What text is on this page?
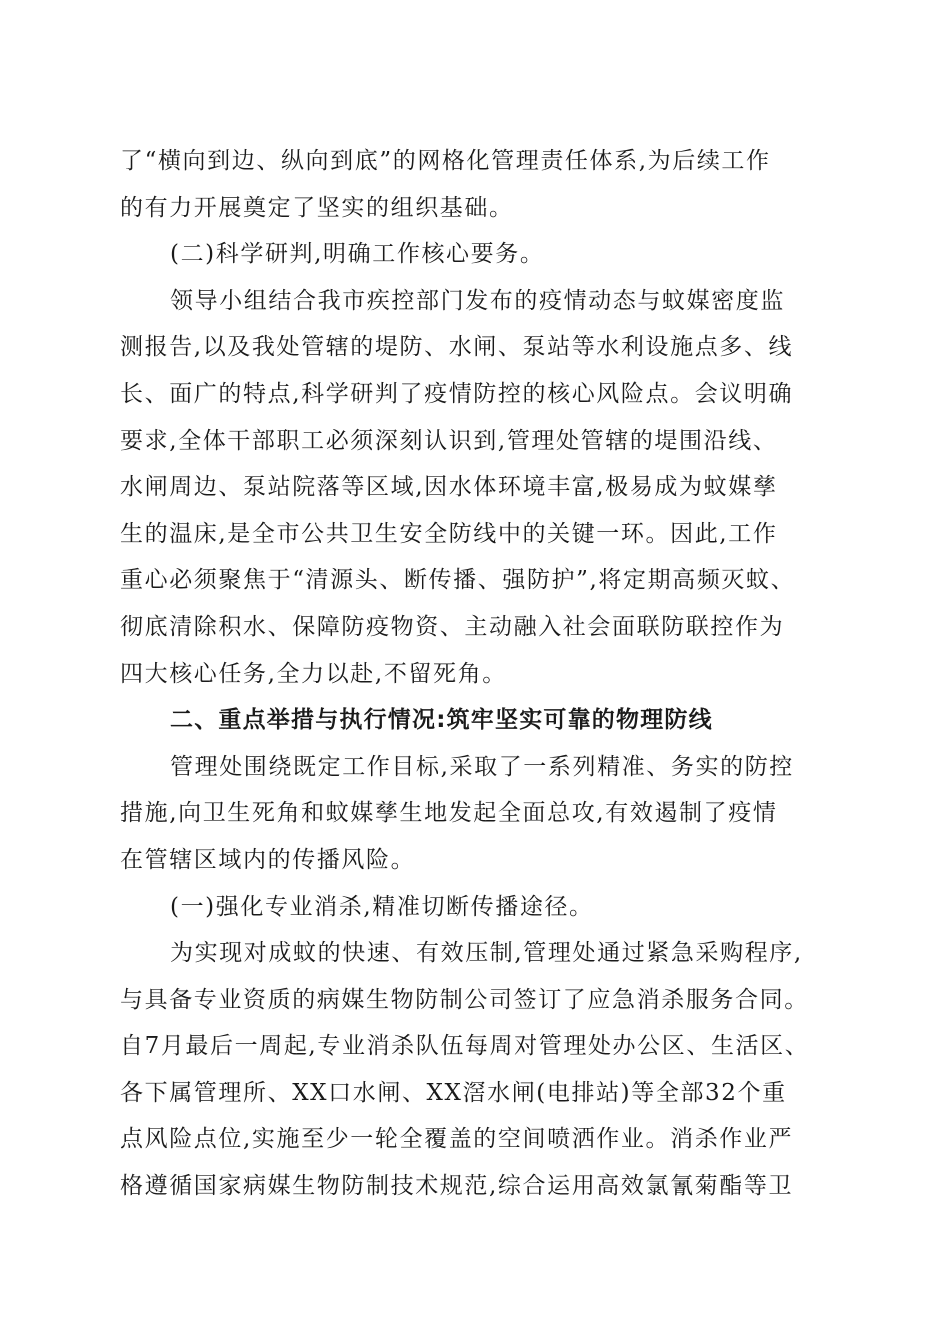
了“横向到边、纵向到底”的网格化管理责任体系,为后续工作
的有力开展奠定了坚实的组织基础。
(二)科学研判,明确工作核心要务。
领导小组结合我市疾控部门发布的疫情动态与蚊媒密度监
测报告,以及我处管辖的堤防、水闸、泵站等水利设施点多、线
长、面广的特点,科学研判了疫情防控的核心风险点。会议明确
要求,全体干部职工必须深刻认识到,管理处管辖的堤围沿线、
水闸周边、泵站院落等区域,因水体环境丰富,极易成为蚊媒孳
生的温床,是全市公共卫生安全防线中的关键一环。因此,工作
重心必须聚焦于“清源头、断传播、强防护”,将定期高频灭蚊、
彻底清除积水、保障防疫物资、主动融入社会面联防联控作为
四大核心任务,全力以赴,不留死角。
二、重点举措与执行情况:筑牢坚实可靠的物理防线
管理处围绕既定工作目标,采取了一系列精准、务实的防控
措施,向卫生死角和蚊媒孳生地发起全面总攻,有效遏制了疫情
在管辖区域内的传播风险。
(一)强化专业消杀,精准切断传播途径。
为实现对成蚊的快速、有效压制,管理处通过紧急采购程序,
与具备专业资质的病媒生物防制公司签订了应急消杀服务合同。
自7月最后一周起,专业消杀队伍每周对管理处办公区、生活区、
各下属管理所、XX口水闸、XX滘水闸(电排站)等全部32个重
点风险点位,实施至少一轮全覆盖的空间喷洒作业。消杀作业严
格遵循国家病媒生物防制技术规范,综合运用高效氯氰菊酯等卫
